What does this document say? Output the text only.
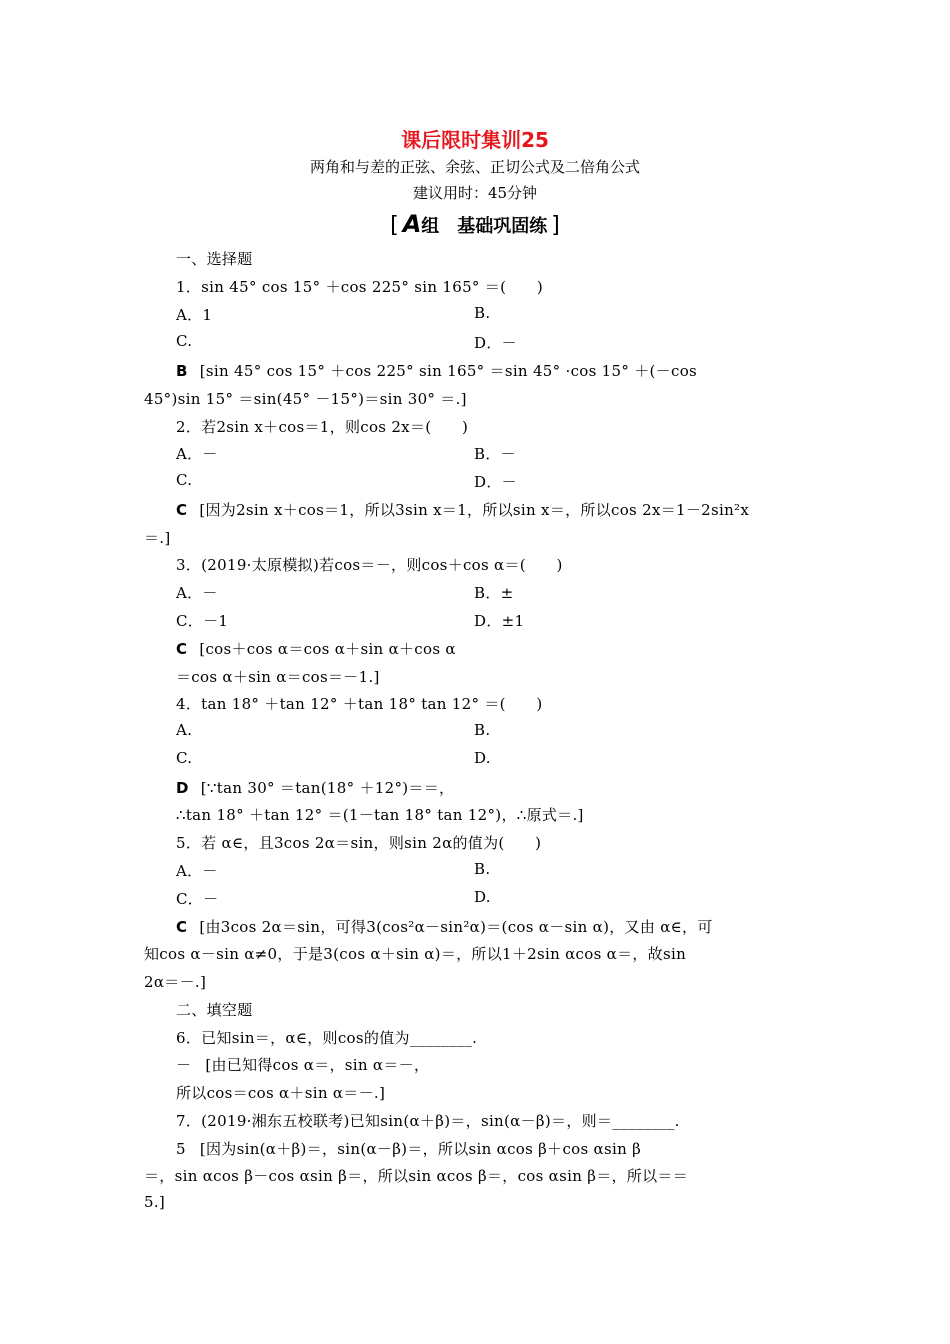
课后限时集训25
两角和与差的正弦、余弦、正切公式及二倍角公式
建议用时：45分钟
[ A组　基础巩固练 ]
一、选择题
1．sin 45° cos 15° ＋cos 225° sin 165° ＝(　　)
A．1	B.
C.	D．－
B [sin 45° cos 15° ＋cos 225° sin 165° ＝sin 45° ·cos 15° ＋(－cos
45°)sin 15° ＝sin(45° －15°)＝sin 30° ＝.]
2．若2sin x＋cos＝1，则cos 2x＝(　　)
A．－	B．－
C.	D．－
C [因为2sin x＋cos＝1，所以3sin x＝1，所以sin x＝，所以cos 2x＝1－2sin²x
＝.]
3．(2019·太原模拟)若cos＝－，则cos＋cos α＝(　　)
A．－	B．±
C．－1	D．±1
C [cos＋cos α＝cos α＋sin α＋cos α
＝cos α＋sin α＝cos＝－1.]
4．tan 18° ＋tan 12° ＋tan 18° tan 12° ＝(　　)
A.	B.
C.	D.
D [∵tan 30° ＝tan(18° ＋12°)＝＝，
∴tan 18° ＋tan 12° ＝(1－tan 18° tan 12°)，∴原式＝.]
5．若 α∈，且3cos 2α＝sin，则sin 2α的值为(　　)
A．－	B.
C．－	D.
C [由3cos 2α＝sin，可得3(cos²α－sin²α)＝(cos α－sin α)，又由 α∈，可
知cos α－sin α≠0，于是3(cos α＋sin α)＝，所以1＋2sin αcos α＝，故sin
2α＝－.]
二、填空题
6．已知sin＝，α∈，则cos的值为________.
－ [由已知得cos α＝，sin α＝－，
所以cos＝cos α＋sin α＝－.]
7．(2019·湘东五校联考)已知sin(α＋β)＝，sin(α－β)＝，则＝________.
5 [因为sin(α＋β)＝，sin(α－β)＝，所以sin αcos β＋cos αsin β
＝，sin αcos β－cos αsin β＝，所以sin αcos β＝，cos αsin β＝，所以＝＝
5.]
